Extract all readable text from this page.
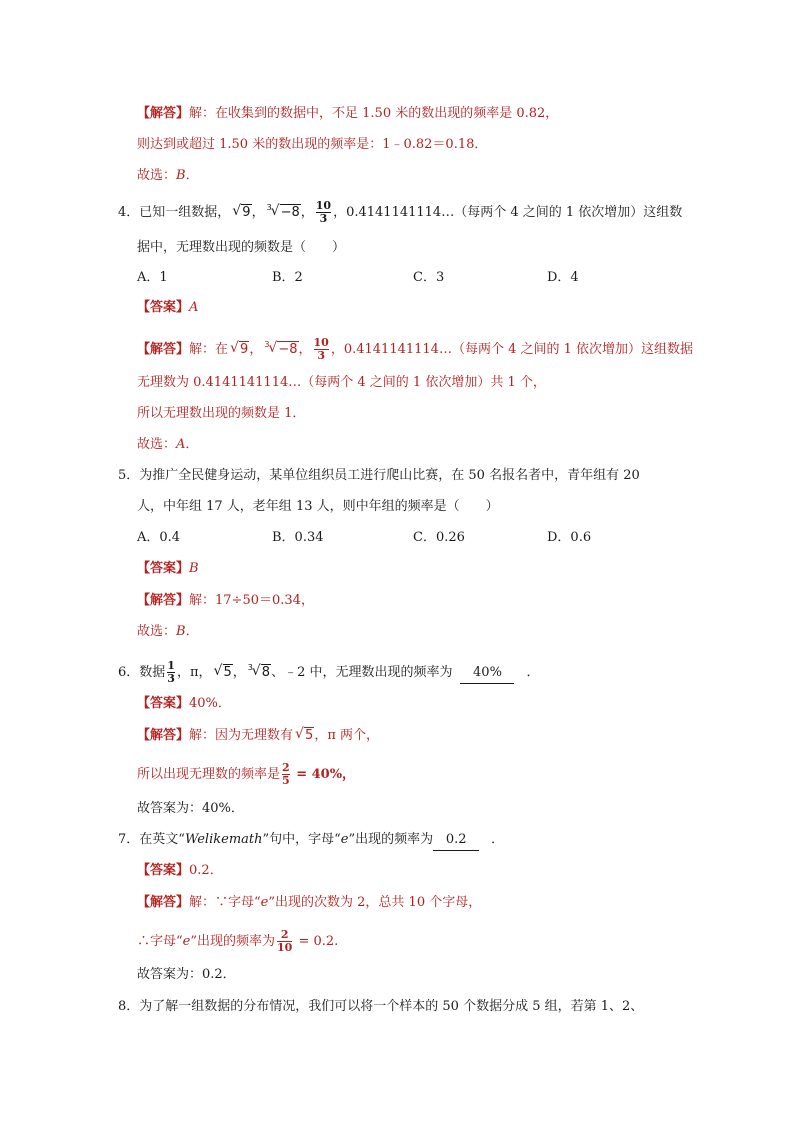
【解答】解：在收集到的数据中，不足 1.50 米的数出现的频率是 0.82，
则达到或超过 1.50 米的数出现的频率是：1﹣0.82＝0.18．
故选：B．
4．已知一组数据， √ 9， 3
√ −8， $\frac{10}{3}$ ，0.4141141114…（每两个 4 之间的 1 依次增加）这组数
据中，无理数出现的频数是（　　）
A．1	B．2	C．3	D．4
【答案】A
【解答】解：在 √ 9， 3
√ −8， $\frac{10}{3}$ ，0.4141141114…（每两个 4 之间的 1 依次增加）这组数据
无理数为 0.4141141114…（每两个 4 之间的 1 依次增加）共 1 个，
所以无理数出现的频数是 1．
故选：A．
5．为推广全民健身运动，某单位组织员工进行爬山比赛，在 50 名报名者中，青年组有 20
人，中年组 17 人，老年组 13 人，则中年组的频率是（　　）
A．0.4	B．0.34	C．0.26	D．0.6
【答案】B
【解答】解：17÷50＝0.34，
故选：B．
6．数据 $\frac{1}{3}$ ，π， √ 5， 3
√ 8、﹣2 中，无理数出现的频率为 40% ．
【答案】40%．
【解答】解：因为无理数有 √ 5，π 两个，
所以出现无理数的频率是 $\frac{2}{5} = 40\%$，
故答案为：40%．
7．在英文“Welikemath”句中，字母“e”出现的频率为 0.2 ．
【答案】0.2．
【解答】解：∵字母“e”出现的次数为 2，总共 10 个字母，
∴字母“e”出现的频率为 $\frac{2}{10} = 0.2$.
故答案为：0.2．
8．为了解一组数据的分布情况，我们可以将一个样本的 50 个数据分成 5 组，若第 1、2、
